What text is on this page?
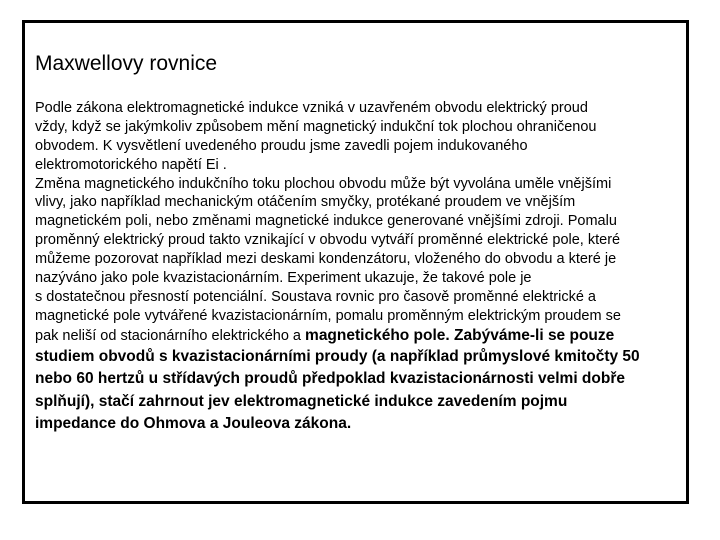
Maxwellovy rovnice
Podle zákona elektromagnetické indukce vzniká v uzavřeném obvodu elektrický proud
vždy, když se jakýmkoliv způsobem mění magnetický indukční tok plochou ohraničenou
obvodem. K vysvětlení uvedeného proudu jsme zavedli pojem indukovaného
elektromotorického napětí Ei .
Změna magnetického indukčního toku plochou obvodu může být vyvolána uměle vnějšími
vlivy, jako například mechanickým otáčením smyčky, protékané proudem ve vnějším
magnetickém poli, nebo změnami magnetické indukce generované vnějšími zdroji. Pomalu
proměnný elektrický proud takto vznikající v obvodu vytváří proměnné elektrické pole, které
můžeme pozorovat například mezi deskami kondenzátoru, vloženého do obvodu a které je
nazýváno jako pole kvazistacionárním. Experiment ukazuje, že takové pole je
s dostatečnou přesností potenciální. Soustava rovnic pro časově proměnné elektrické a
magnetické pole vytvářené kvazistacionárním, pomalu proměnným elektrickým proudem se
pak neliší od stacionárního elektrického a magnetického pole. Zabýváme-li se pouze
studiem obvodů s kvazistacionárními proudy (a například průmyslové kmitočty 50
nebo 60 hertzů u střídavých proudů předpoklad kvazistacionárnosti velmi dobře
splňují), stačí zahrnout jev elektromagnetické indukce zavedením pojmu
impedance do Ohmova a Jouleova zákona.
